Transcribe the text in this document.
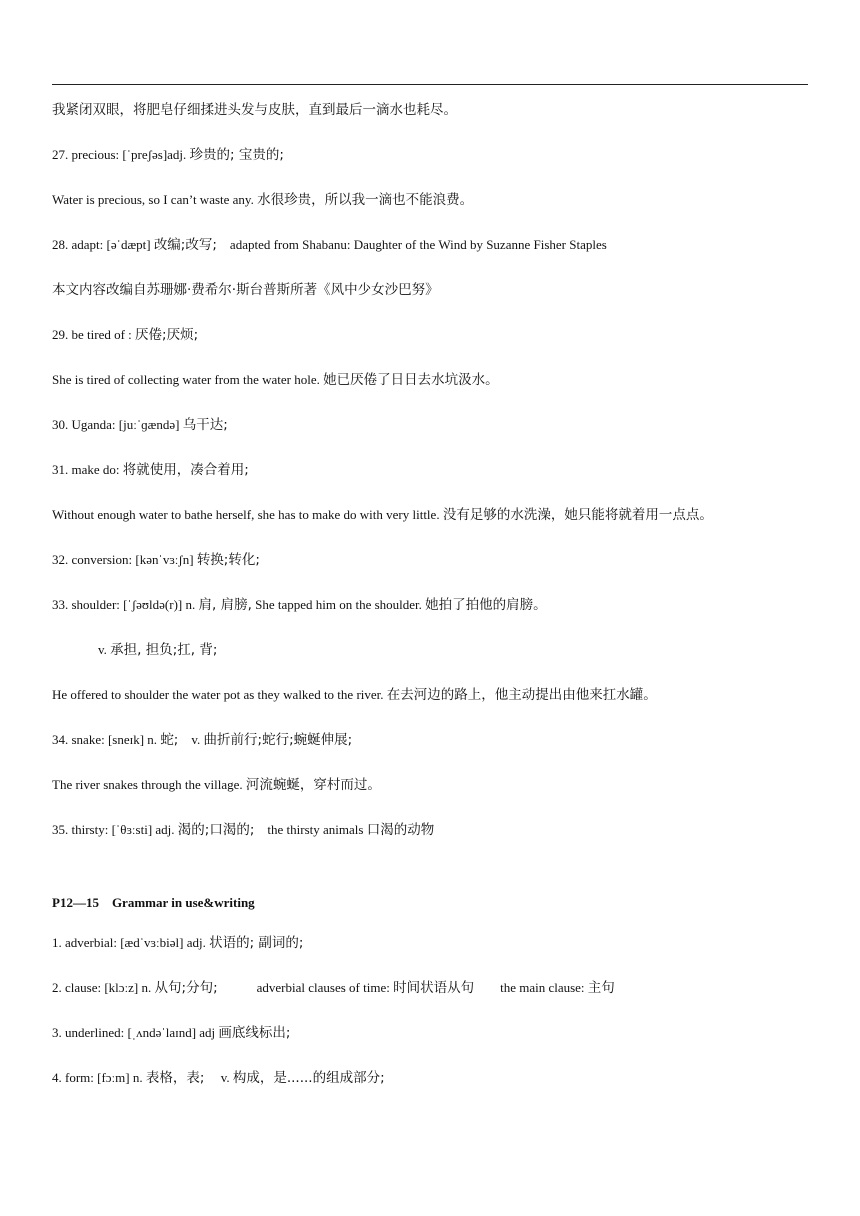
我紧闭双眼，将肥皂仔细揉进头发与皮肤，直到最后一滴水也耗尽。
27. precious: [ˈpreʃəs]adj. 珍贵的; 宝贵的;
Water is precious, so I can’t waste any. 水很珍贵，所以我一滴也不能浪费。
28. adapt: [əˈdæpt] 改编;改写;    adapted from Shabanu: Daughter of the Wind by Suzanne Fisher Staples
本文内容改编自苏珊娜·费希尔·斯台普斯所著《风中少女沙巴努》
29. be tired of : 厌倦;厌烦;
She is tired of collecting water from the water hole. 她已厌倦了日日去水坑汲水。
30. Uganda: [juːˈɡændə] 乌干达;
31. make do: 将就使用，凑合着用;
Without enough water to bathe herself, she has to make do with very little. 没有足够的水洗澡，她只能将就着用一点点。
32. conversion: [kənˈvɜːʃn] 转换;转化;
33. shoulder: [ˈʃəʊldə(r)] n. 肩, 肩膀, She tapped him on the shoulder. 她拍了拍他的肩膀。
v. 承担, 担负;扛, 背;
He offered to shoulder the water pot as they walked to the river. 在去河边的路上，他主动提出由他来扛水罐。
34. snake: [sneɪk] n. 蛇;    v. 曲折前行;蛇行;蜿蜒伸展;
The river snakes through the village. 河流蜿蜒，穿村而过。
35. thirsty: [ˈθɜːsti] adj. 渴的;口渴的;    the thirsty animals 口渴的动物
P12—15    Grammar in use&writing
1. adverbial: [ædˈvɜːbiəl] adj. 状语的; 副词的;
2. clause: [klɔːz] n. 从句;分句;            adverbial clauses of time: 时间状语从句        the main clause: 主句
3. underlined: [ˌʌndəˈlaɪnd] adj 画底线标出;
4. form: [fɔːm] n. 表格，表;     v. 构成，是......的组成部分;
